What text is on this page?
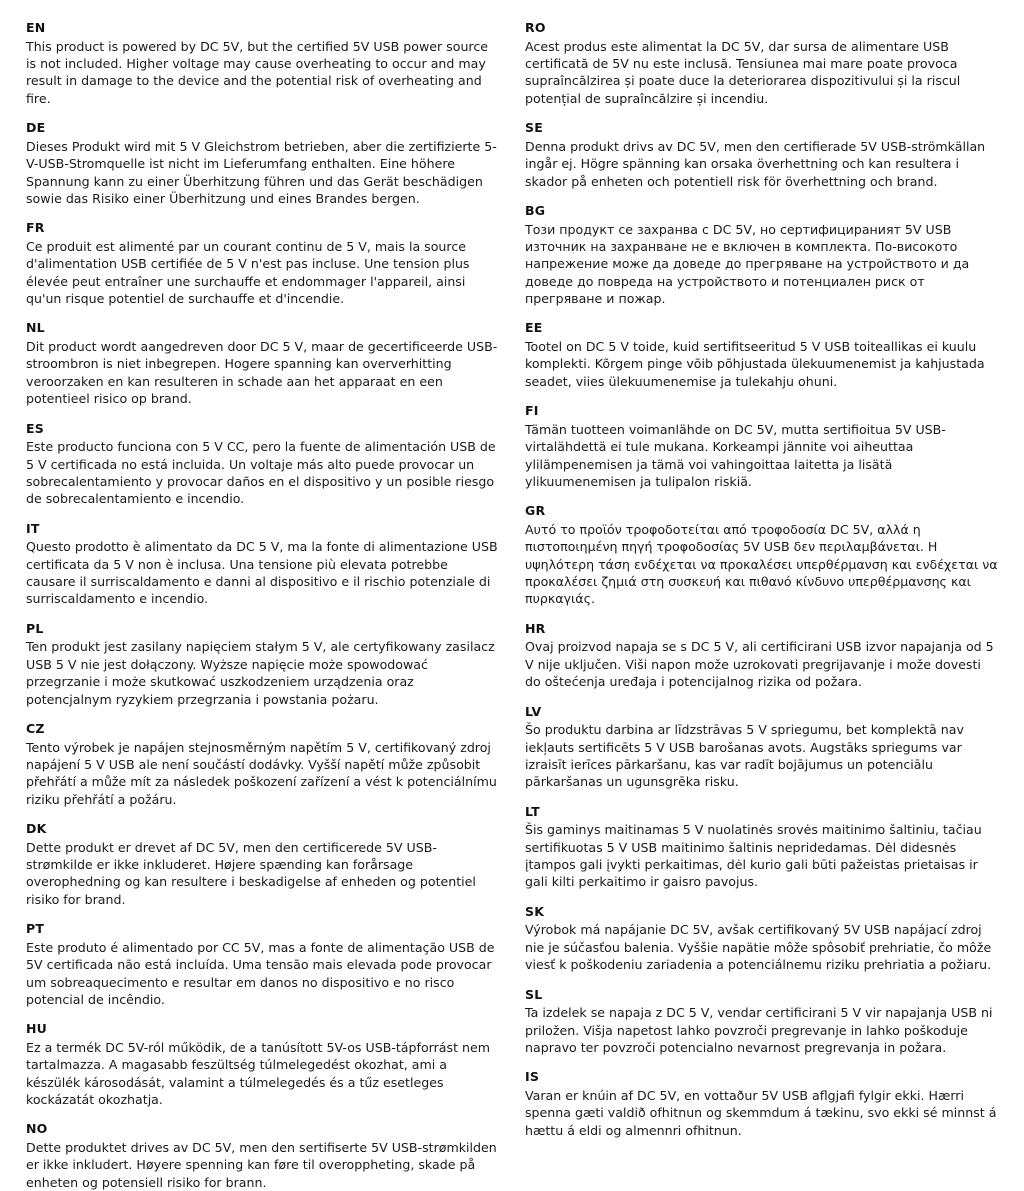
EN
This product is powered by DC 5V, but the certified 5V USB power source is not included. Higher voltage may cause overheating to occur and may result in damage to the device and the potential risk of overheating and fire.
DE
Dieses Produkt wird mit 5 V Gleichstrom betrieben, aber die zertifizierte 5-V-USB-Stromquelle ist nicht im Lieferumfang enthalten. Eine höhere Spannung kann zu einer Überhitzung führen und das Gerät beschädigen sowie das Risiko einer Überhitzung und eines Brandes bergen.
FR
Ce produit est alimenté par un courant continu de 5 V, mais la source d'alimentation USB certifiée de 5 V n'est pas incluse. Une tension plus élevée peut entraîner une surchauffe et endommager l'appareil, ainsi qu'un risque potentiel de surchauffe et d'incendie.
NL
Dit product wordt aangedreven door DC 5 V, maar de gecertificeerde USB-stroombron is niet inbegrepen. Hogere spanning kan oververhitting veroorzaken en kan resulteren in schade aan het apparaat en een potentieel risico op brand.
ES
Este producto funciona con 5 V CC, pero la fuente de alimentación USB de 5 V certificada no está incluida. Un voltaje más alto puede provocar un sobrecalentamiento y provocar daños en el dispositivo y un posible riesgo de sobrecalentamiento e incendio.
IT
Questo prodotto è alimentato da DC 5 V, ma la fonte di alimentazione USB certificata da 5 V non è inclusa. Una tensione più elevata potrebbe causare il surriscaldamento e danni al dispositivo e il rischio potenziale di surriscaldamento e incendio.
PL
Ten produkt jest zasilany napięciem stałym 5 V, ale certyfikowany zasilacz USB 5 V nie jest dołączony. Wyższe napięcie może spowodować przegrzanie i może skutkować uszkodzeniem urządzenia oraz potencjalnym ryzykiem przegrzania i powstania pożaru.
CZ
Tento výrobek je napájen stejnosměrným napětím 5 V, certifikovaný zdroj napájení 5 V USB ale není součástí dodávky. Vyšší napětí může způsobit přehřátí a může mít za následek poškození zařízení a vést k potenciálnímu riziku přehřátí a požáru.
DK
Dette produkt er drevet af DC 5V, men den certificerede 5V USB-strømkilde er ikke inkluderet. Højere spænding kan forårsage overophedning og kan resultere i beskadigelse af enheden og potentiel risiko for brand.
PT
Este produto é alimentado por CC 5V, mas a fonte de alimentação USB de 5V certificada não está incluída. Uma tensão mais elevada pode provocar um sobreaquecimento e resultar em danos no dispositivo e no risco potencial de incêndio.
HU
Ez a termék DC 5V-ról működik, de a tanúsított 5V-os USB-tápforrást nem tartalmazza. A magasabb feszültség túlmelegedést okozhat, ami a készülék károsodását, valamint a túlmelegedés és a tűz esetleges kockázatát okozhatja.
NO
Dette produktet drives av DC 5V, men den sertifiserte 5V USB-strømkilden er ikke inkludert. Høyere spenning kan føre til overoppheting, skade på enheten og potensiell risiko for brann.
RO
Acest produs este alimentat la DC 5V, dar sursa de alimentare USB certificată de 5V nu este inclusă. Tensiunea mai mare poate provoca supraîncălzirea și poate duce la deteriorarea dispozitivului și la riscul potențial de supraîncălzire și incendiu.
SE
Denna produkt drivs av DC 5V, men den certifierade 5V USB-strömkällan ingår ej. Högre spänning kan orsaka överhettning och kan resultera i skador på enheten och potentiell risk för överhettning och brand.
BG
Този продукт се захранва с DC 5V, но сертифицираният 5V USB източник на захранване не е включен в комплекта. По-високото напрежение може да доведе до прегряване на устройството и да доведе до повреда на устройството и потенциален риск от прегряване и пожар.
EE
Tootel on DC 5 V toide, kuid sertifitseeritud 5 V USB toiteallikas ei kuulu komplekti. Kõrgem pinge võib põhjustada ülekuumenemist ja kahjustada seadet, viies ülekuumenemise ja tulekahju ohuni.
FI
Tämän tuotteen voimanlähde on DC 5V, mutta sertifioitua 5V USB-virtalähdettä ei tule mukana. Korkeampi jännite voi aiheuttaa ylilämpenemisen ja tämä voi vahingoittaa laitetta ja lisätä ylikuumenemisen ja tulipalon riskiä.
GR
Αυτό το προϊόν τροφοδοτείται από τροφοδοσία DC 5V, αλλά η πιστοποιημένη πηγή τροφοδοσίας 5V USB δεν περιλαμβάνεται. Η υψηλότερη τάση ενδέχεται να προκαλέσει υπερθέρμανση και ενδέχεται να προκαλέσει ζημιά στη συσκευή και πιθανό κίνδυνο υπερθέρμανσης και πυρκαγιάς.
HR
Ovaj proizvod napaja se s DC 5 V, ali certificirani USB izvor napajanja od 5 V nije uključen. Viši napon može uzrokovati pregrijavanje i može dovesti do oštećenja uređaja i potencijalnog rizika od požara.
LV
Šo produktu darbina ar līdzstrāvas 5 V spriegumu, bet komplektā nav iekļauts sertificēts 5 V USB barošanas avots. Augstāks spriegums var izraisīt ierīces pārkaršanu, kas var radīt bojājumus un potenciālu pārkaršanas un ugunsgrēka risku.
LT
Šis gaminys maitinamas 5 V nuolatinės srovės maitinimo šaltiniu, tačiau sertifikuotas 5 V USB maitinimo šaltinis nepridedamas. Dėl didesnės įtampos gali įvykti perkaitimas, dėl kurio gali būti pažeistas prietaisas ir gali kilti perkaitimo ir gaisro pavojus.
SK
Výrobok má napájanie DC 5V, avšak certifikovaný 5V USB napájací zdroj nie je súčasťou balenia. Vyššie napätie môže spôsobiť prehriatie, čo môže viesť k poškodeniu zariadenia a potenciálnemu riziku prehriatia a požiaru.
SL
Ta izdelek se napaja z DC 5 V, vendar certificirani 5 V vir napajanja USB ni priložen. Višja napetost lahko povzroči pregrevanje in lahko poškoduje napravo ter povzroči potencialno nevarnost pregrevanja in požara.
IS
Varan er knúin af DC 5V, en vottaður 5V USB aflgjafi fylgir ekki. Hærri spenna gæti valdið ofhitnun og skemmdum á tækinu, svo ekki sé minnst á hættu á eldi og almennri ofhitnun.
